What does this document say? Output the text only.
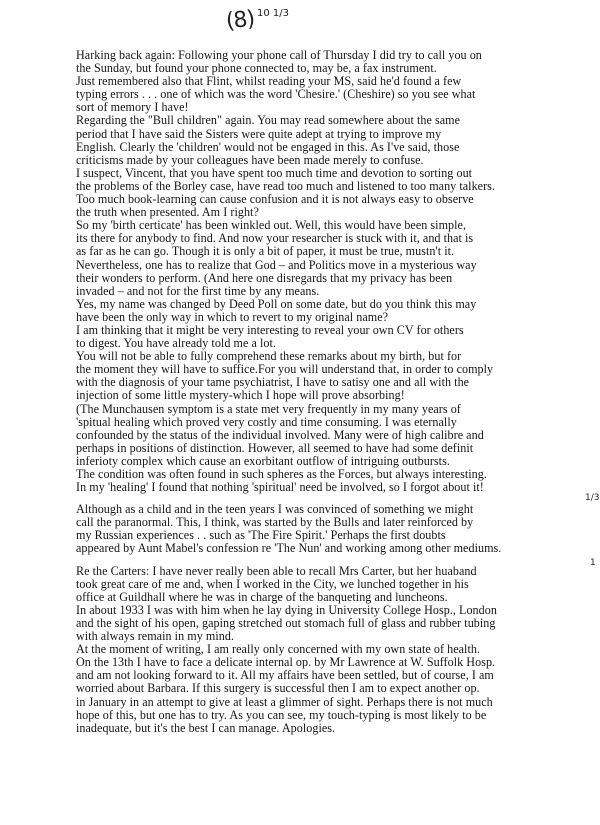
(8) 10 1/3
1/3
1
Harking back again: Following your phone call of Thursday I did try to call you on
the Sunday, but found your phone connected to, may be, a fax instrument.
Just remembered also that Flint, whilst reading your MS, said he'd found a few
typing errors . . . one of which was the word 'Chesire.' (Cheshire) so you see what
sort of memory I have!
Regarding the "Bull children" again. You may read somewhere about the same
period that I have said the Sisters were quite adept at trying to improve my
English. Clearly the 'children' would not be engaged in this. As I've said, those
criticisms made by your colleagues have been made merely to confuse.
I suspect, Vincent, that you have spent too much time and devotion to sorting out
the problems of the Borley case, have read too much and listened to too many talkers.
Too much book-learning can cause confusion and it is not always easy to observe
the truth when presented. Am I right?
So my 'birth certicate' has been winkled out. Well, this would have been simple,
its there for anybody to find. And now your researcher is stuck with it, and that is
as far as he can go. Though it is only a bit of paper, it must be true, mustn't it.
Nevertheless, one has to realize that God – and Politics move in a mysterious way
their wonders to perform. (And here one disregards that my privacy has been
invaded – and not for the first time by any means.
Yes, my name was changed by Deed Poll on some date, but do you think this may
have been the only way in which to revert to my original name?
I am thinking that it might be very interesting to reveal your own CV for others
to digest. You have already told me a lot.
You will not be able to fully comprehend these remarks about my birth, but for
the moment they will have to suffice.For you will understand that, in order to comply
with the diagnosis of your tame psychiatrist, I have to satisy one and all with the
injection of some little mystery-which I hope will prove absorbing!
(The Munchausen symptom is a state met very frequently in my many years of
'spitual healing which proved very costly and time consuming. I was eternally
confounded by the status of the individual involved. Many were of high calibre and
perhaps in positions of distinction. However, all seemed to have had some definit
inferioty complex which cause an exorbitant outflow of intriguing outbursts.
The condition was often found in such spheres as the Forces, but always interesting.
In my 'healing' I found that nothing 'spiritual' need be involved, so I forgot about it!
Although as a child and in the teen years I was convinced of something we might
call the paranormal. This, I think, was started by the Bulls and later reinforced by
my Russian experiences . . such as 'The Fire Spirit.' Perhaps the first doubts
appeared by Aunt Mabel's confession re 'The Nun' and working among other mediums.
Re the Carters: I have never really been able to recall Mrs Carter, but her huaband
took great care of me and, when I worked in the City, we lunched together in his
office at Guildhall where he was in charge of the banqueting and luncheons.
In about 1933 I was with him when he lay dying in University College Hosp., London
and the sight of his open, gaping stretched out stomach full of glass and rubber tubing
with always remain in my mind.
At the moment of writing, I am really only concerned with my own state of health.
On the 13th I have to face a delicate internal op. by Mr Lawrence at W. Suffolk Hosp.
and am not looking forward to it. All my affairs have been settled, but of course, I am
worried about Barbara. If this surgery is successful then I am to expect another op.
in January in an attempt to give at least a glimmer of sight. Perhaps there is not much
hope of this, but one has to try. As you can see, my touch-typing is most likely to be
inadequate, but it's the best I can manage. Apologies.
